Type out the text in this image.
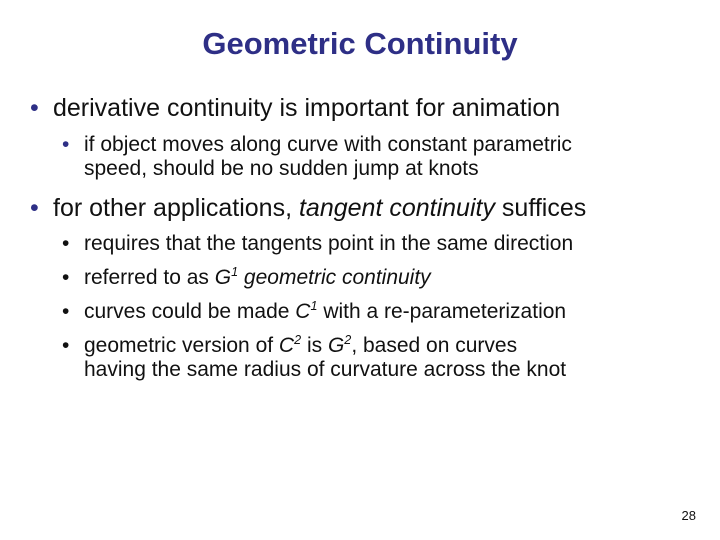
Geometric Continuity
• derivative continuity is important for animation
• if object moves along curve with constant parametric
speed, should be no sudden jump at knots
• for other applications, tangent continuity suffices
• requires that the tangents point in the same direction
• referred to as $G^1$ geometric continuity
• curves could be made $C^1$ with a re-parameterization
• geometric version of $C^2$ is $G^2$, based on curves
having the same radius of curvature across the knot
28
